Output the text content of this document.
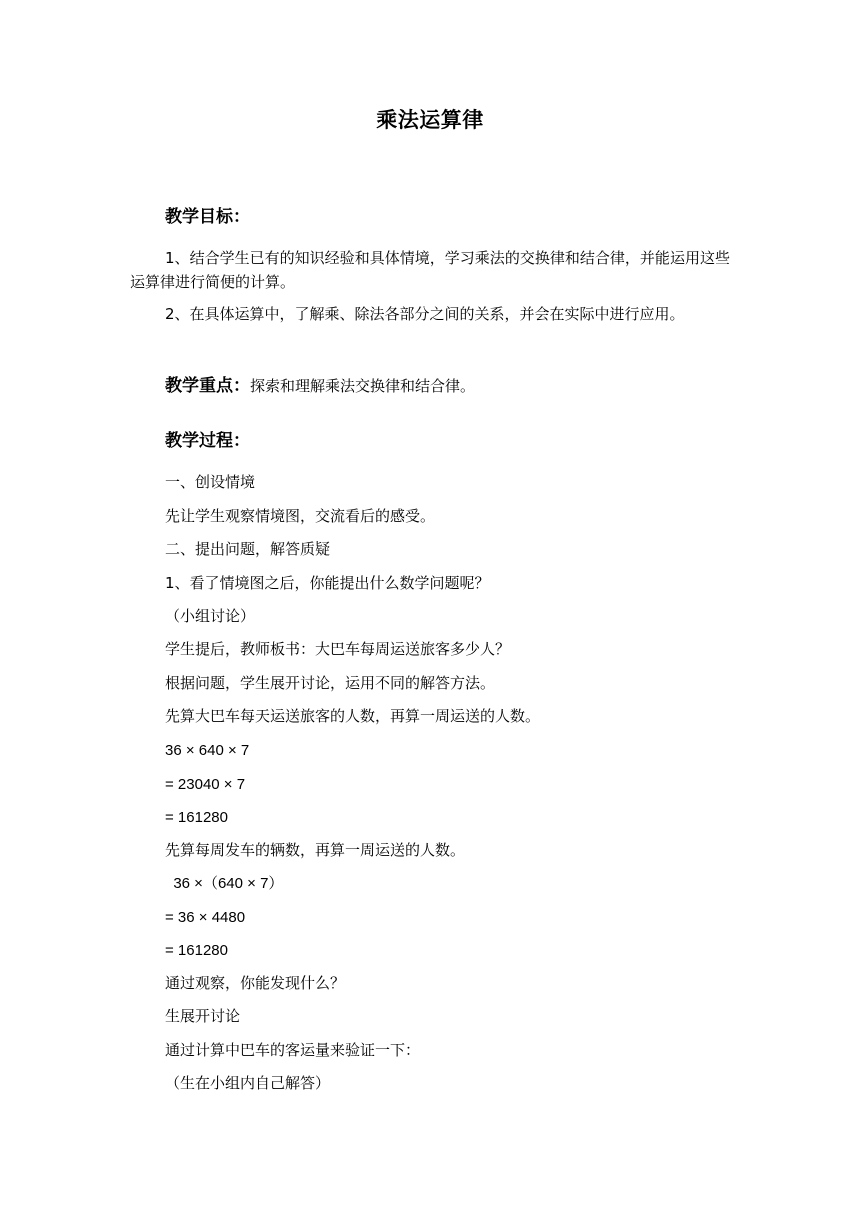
乘法运算律
教学目标：
1、结合学生已有的知识经验和具体情境，学习乘法的交换律和结合律，并能运用这些运算律进行简便的计算。
2、在具体运算中，了解乘、除法各部分之间的关系，并会在实际中进行应用。
教学重点：探索和理解乘法交换律和结合律。
教学过程：
一、创设情境
先让学生观察情境图，交流看后的感受。
二、提出问题，解答质疑
1、看了情境图之后，你能提出什么数学问题呢？
（小组讨论）
学生提后，教师板书：大巴车每周运送旅客多少人？
根据问题，学生展开讨论，运用不同的解答方法。
先算大巴车每天运送旅客的人数，再算一周运送的人数。
36 × 640 × 7
= 23040 × 7
= 161280
先算每周发车的辆数，再算一周运送的人数。
36 ×（640 × 7）
= 36 × 4480
= 161280
通过观察，你能发现什么？
生展开讨论
通过计算中巴车的客运量来验证一下：
（生在小组内自己解答）
